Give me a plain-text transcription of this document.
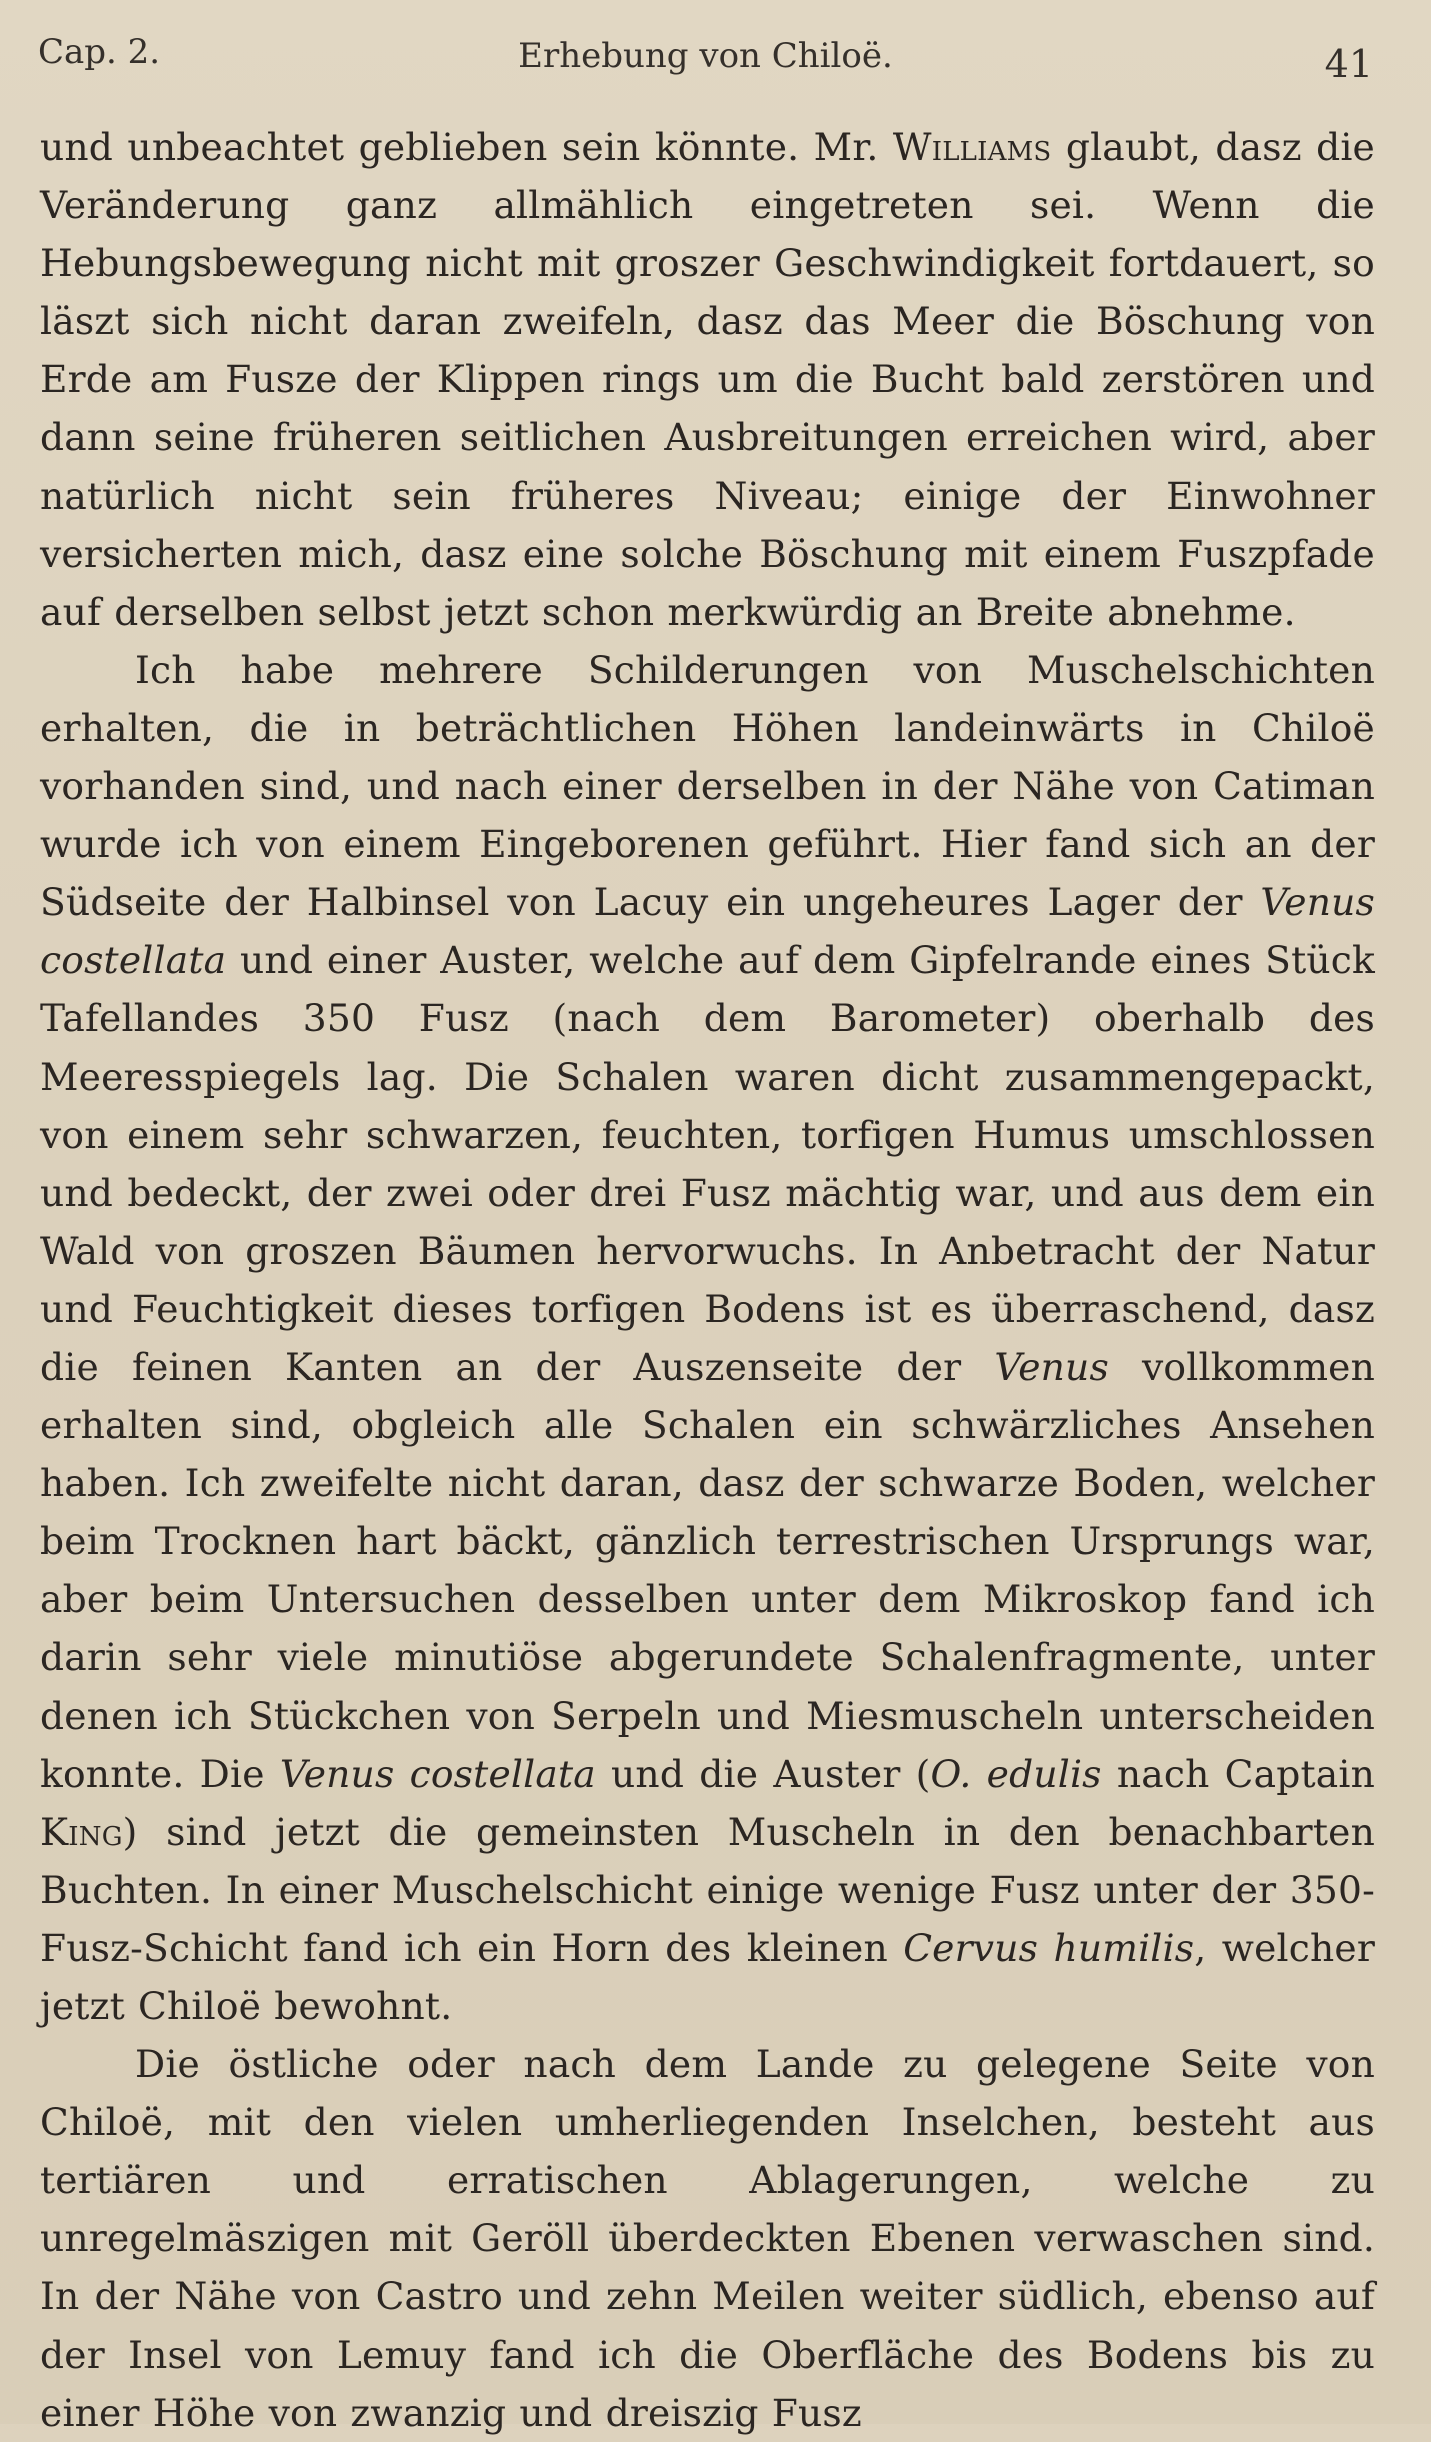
Cap. 2.	Erhebung von Chiloë.	41

und unbeachtet geblieben sein könnte. Mr. Williams glaubt, dasz die Veränderung ganz allmählich eingetreten sei. Wenn die Hebungsbewegung nicht mit groszer Geschwindigkeit fortdauert, so läszt sich nicht daran zweifeln, dasz das Meer die Böschung von Erde am Fusze der Klippen rings um die Bucht bald zerstören und dann seine früheren seitlichen Ausbreitungen erreichen wird, aber natürlich nicht sein früheres Niveau; einige der Einwohner versicherten mich, dasz eine solche Böschung mit einem Fuszpfade auf derselben selbst jetzt schon merkwürdig an Breite abnehme.

Ich habe mehrere Schilderungen von Muschelschichten erhalten, die in beträchtlichen Höhen landeinwärts in Chiloë vorhanden sind, und nach einer derselben in der Nähe von Catiman wurde ich von einem Eingeborenen geführt. Hier fand sich an der Südseite der Halbinsel von Lacuy ein ungeheures Lager der Venus costellata und einer Auster, welche auf dem Gipfelrande eines Stück Tafellandes 350 Fusz (nach dem Barometer) oberhalb des Meeresspiegels lag. Die Schalen waren dicht zusammengepackt, von einem sehr schwarzen, feuchten, torfigen Humus umschlossen und bedeckt, der zwei oder drei Fusz mächtig war, und aus dem ein Wald von groszen Bäumen hervorwuchs. In Anbetracht der Natur und Feuchtigkeit dieses torfigen Bodens ist es überraschend, dasz die feinen Kanten an der Auszenseite der Venus vollkommen erhalten sind, obgleich alle Schalen ein schwärzliches Ansehen haben. Ich zweifelte nicht daran, dasz der schwarze Boden, welcher beim Trocknen hart bäckt, gänzlich terrestrischen Ursprungs war, aber beim Untersuchen desselben unter dem Mikroskop fand ich darin sehr viele minutiöse abgerundete Schalenfragmente, unter denen ich Stückchen von Serpeln und Miesmuscheln unterscheiden konnte. Die Venus costellata und die Auster (O. edulis nach Captain King) sind jetzt die gemeinsten Muscheln in den benachbarten Buchten. In einer Muschelschicht einige wenige Fusz unter der 350-Fusz-Schicht fand ich ein Horn des kleinen Cervus humilis, welcher jetzt Chiloë bewohnt.

Die östliche oder nach dem Lande zu gelegene Seite von Chiloë, mit den vielen umherliegenden Inselchen, besteht aus tertiären und erratischen Ablagerungen, welche zu unregelmäszigen mit Geröll überdeckten Ebenen verwaschen sind. In der Nähe von Castro und zehn Meilen weiter südlich, ebenso auf der Insel von Lemuy fand ich die Oberfläche des Bodens bis zu einer Höhe von zwanzig und dreiszig Fusz
